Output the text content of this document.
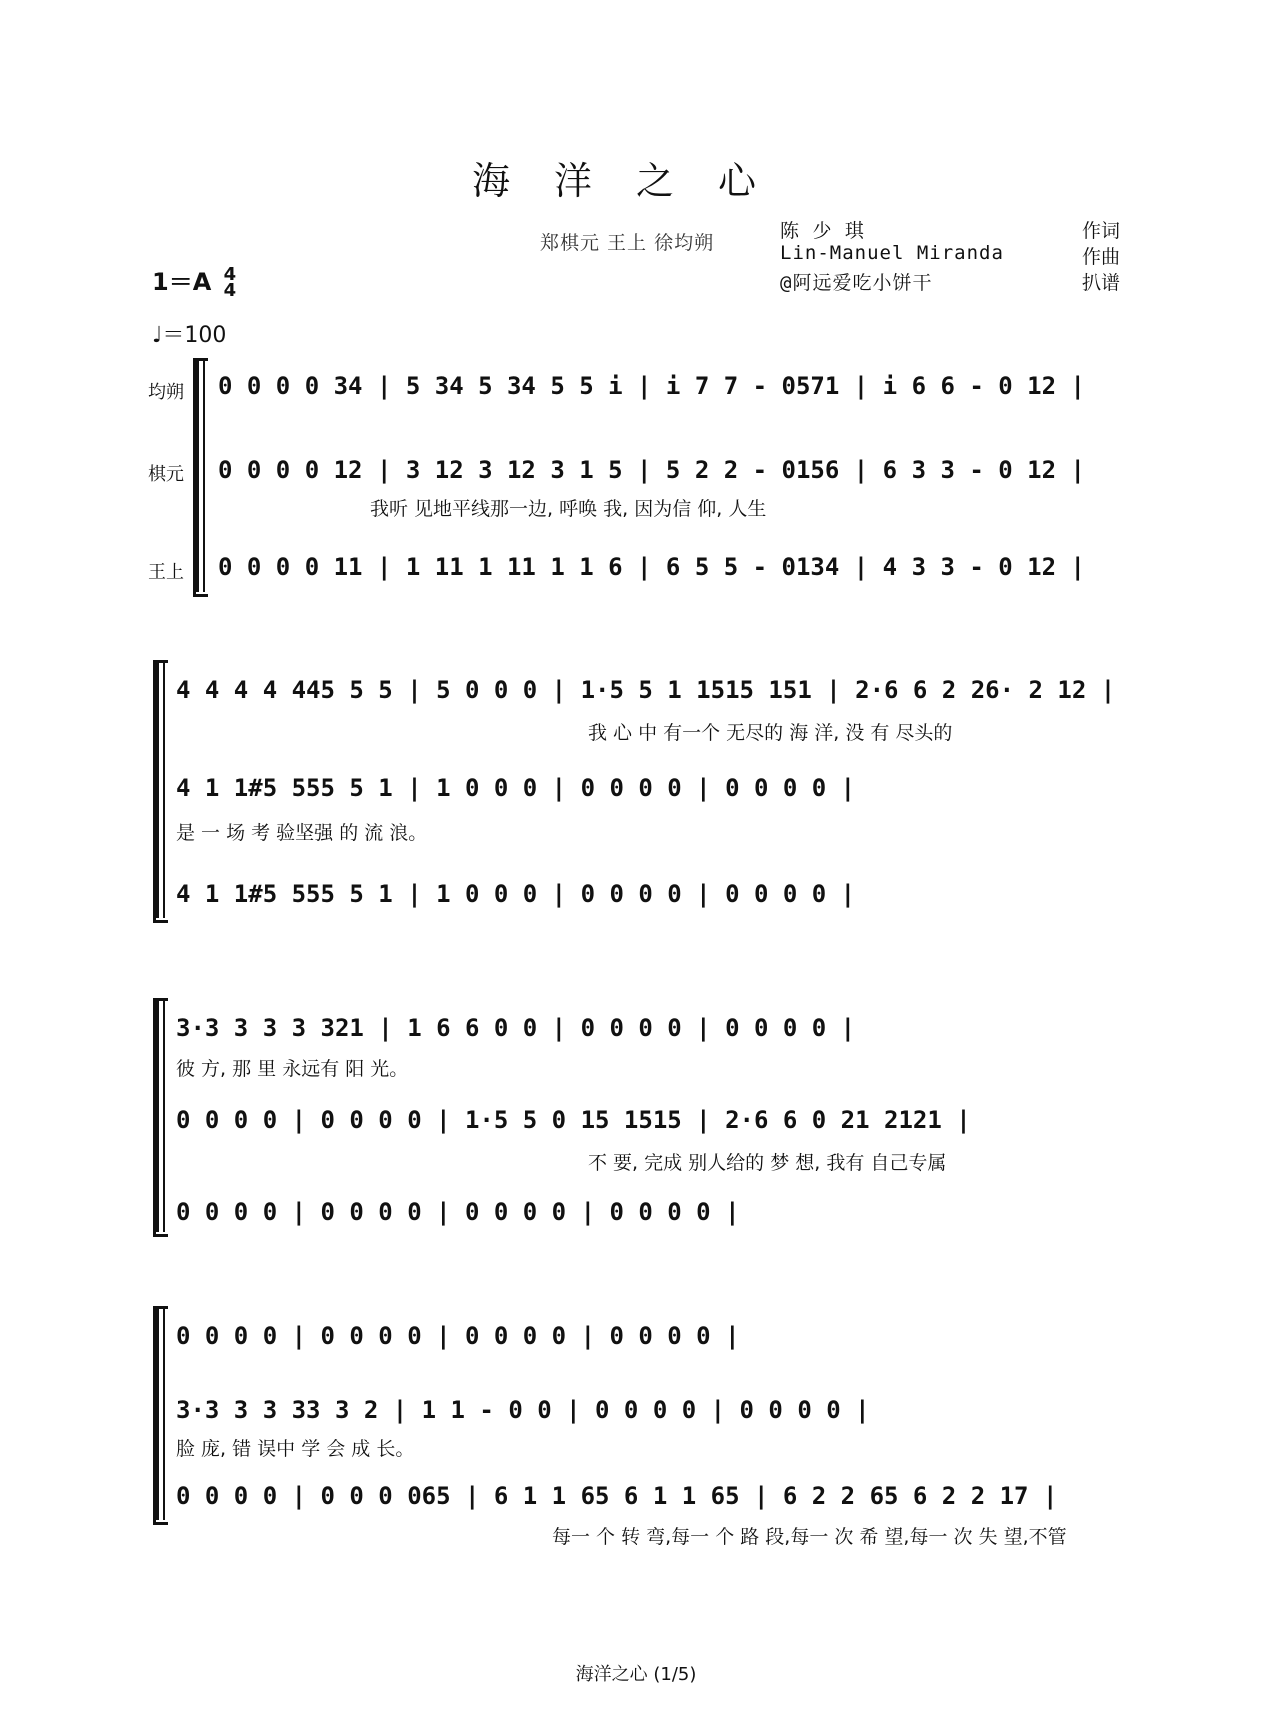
海洋之心
郑棋元 王上 徐均朔
陈 少 琪	作词
Lin-Manuel Miranda	作曲
@阿远爱吃小饼干	扒谱
1＝A 4
4
♩＝100
均朔
棋元
王上
0 0 0 0 34 | 5 34 5 34 5 5 i | i 7 7 - 0571 | i 6 6 - 0 12 |
0 0 0 0 12 | 3 12 3 12 3 1 5 | 5 2 2 - 0156 | 6 3 3 - 0 12 |
我听 见地平线那一边, 呼唤 我, 因为信 仰, 人生
0 0 0 0 11 | 1 11 1 11 1 1 6 | 6 5 5 - 0134 | 4 3 3 - 0 12 |
4 4 4 4 445 5 5 | 5 0 0 0 | 1·5 5 1 1515 151 | 2·6 6 2 26· 2 12 |
我 心 中 有一个 无尽的 海 洋, 没 有 尽头的
4 1 1#5 555 5 1 | 1 0 0 0 | 0 0 0 0 | 0 0 0 0 |
是 一 场 考 验坚强 的 流 浪。
4 1 1#5 555 5 1 | 1 0 0 0 | 0 0 0 0 | 0 0 0 0 |
3·3 3 3 3 321 | 1 6 6 0 0 | 0 0 0 0 | 0 0 0 0 |
彼 方, 那 里 永远有 阳 光。
0 0 0 0 | 0 0 0 0 | 1·5 5 0 15 1515 | 2·6 6 0 21 2121 |
不 要, 完成 别人给的 梦 想, 我有 自己专属
0 0 0 0 | 0 0 0 0 | 0 0 0 0 | 0 0 0 0 |
0 0 0 0 | 0 0 0 0 | 0 0 0 0 | 0 0 0 0 |
3·3 3 3 33 3 2 | 1 1 - 0 0 | 0 0 0 0 | 0 0 0 0 |
脸 庞, 错 误中 学 会 成 长。
0 0 0 0 | 0 0 0 065 | 6 1 1 65 6 1 1 65 | 6 2 2 65 6 2 2 17 |
每一 个 转 弯,每一 个 路 段,每一 次 希 望,每一 次 失 望,不管
海洋之心 (1/5)
